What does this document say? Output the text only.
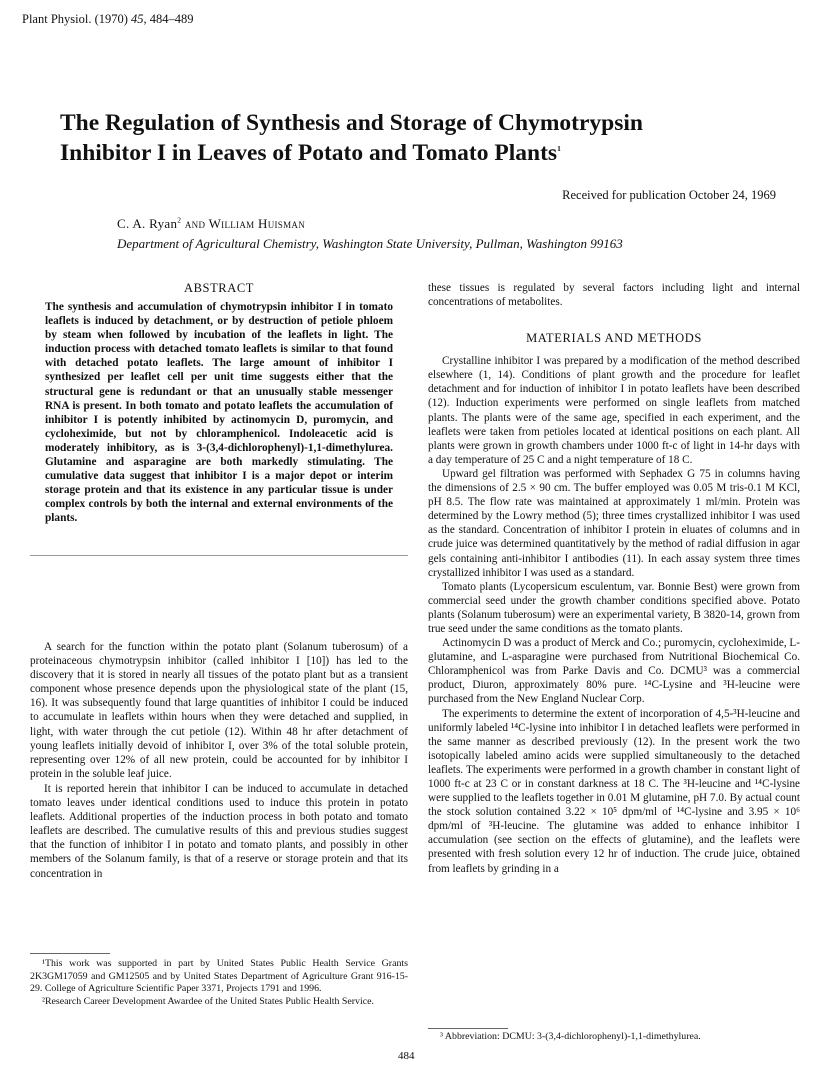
Plant Physiol. (1970) 45, 484–489
The Regulation of Synthesis and Storage of Chymotrypsin
Inhibitor I in Leaves of Potato and Tomato Plants$^1$
Received for publication October 24, 1969
C. A. Ryan$^2$ and William Huisman
Department of Agricultural Chemistry, Washington State University, Pullman, Washington 99163
ABSTRACT
The synthesis and accumulation of chymotrypsin inhibitor I in tomato leaflets is induced by detachment, or by destruction of petiole phloem by steam when followed by incubation of the leaflets in light. The induction process with detached tomato leaflets is similar to that found with detached potato leaflets. The large amount of inhibitor I synthesized per leaflet cell per unit time suggests either that the structural gene is redundant or that an unusually stable messenger RNA is present. In both tomato and potato leaflets the accumulation of inhibitor I is potently inhibited by actinomycin D, puromycin, and cycloheximide, but not by chloramphenicol. Indoleacetic acid is moderately inhibitory, as is 3-(3,4-dichlorophenyl)-1,1-dimethylurea. Glutamine and asparagine are both markedly stimulating. The cumulative data suggest that inhibitor I is a major depot or interim storage protein and that its existence in any particular tissue is under complex controls by both the internal and external environments of the plants.

A search for the function within the potato plant (Solanum tuberosum) of a proteinaceous chymotrypsin inhibitor (called inhibitor I [10]) has led to the discovery that it is stored in nearly all tissues of the potato plant but as a transient component whose presence depends upon the physiological state of the plant (15, 16). It was subsequently found that large quantities of inhibitor I could be induced to accumulate in leaflets within hours when they were detached and supplied, in light, with water through the cut petiole (12). Within 48 hr after detachment of young leaflets initially devoid of inhibitor I, over 3% of the total soluble protein, representing over 12% of all new protein, could be accounted for by inhibitor I protein in the soluble leaf juice.

It is reported herein that inhibitor I can be induced to accumulate in detached tomato leaves under identical conditions used to induce this protein in potato leaflets. Additional properties of the induction process in both potato and tomato leaflets are described. The cumulative results of this and previous studies suggest that the function of inhibitor I in potato and tomato plants, and possibly in other members of the Solanum family, is that of a reserve or storage protein and that its concentration in

¹This work was supported in part by United States Public Health Service Grants 2K3GM17059 and GM12505 and by United States Department of Agriculture Grant 916-15-29. College of Agriculture Scientific Paper 3371, Projects 1791 and 1996.

²Research Career Development Awardee of the United States Public Health Service.

these tissues is regulated by several factors including light and internal concentrations of metabolites.

MATERIALS AND METHODS

Crystalline inhibitor I was prepared by a modification of the method described elsewhere (1, 14). Conditions of plant growth and the procedure for leaflet detachment and for induction of inhibitor I in potato leaflets have been described (12). Induction experiments were performed on single leaflets from matched plants. The plants were of the same age, specified in each experiment, and the leaflets were taken from petioles located at identical positions on each plant. All plants were grown in growth chambers under 1000 ft-c of light in 14-hr days with a day temperature of 25 C and a night temperature of 18 C.

Upward gel filtration was performed with Sephadex G 75 in columns having the dimensions of 2.5 × 90 cm. The buffer employed was 0.05 M tris-0.1 M KCl, pH 8.5. The flow rate was maintained at approximately 1 ml/min. Protein was determined by the Lowry method (5); three times crystallized inhibitor I was used as the standard. Concentration of inhibitor I protein in eluates of columns and in crude juice was determined quantitatively by the method of radial diffusion in agar gels containing anti-inhibitor I antibodies (11). In each assay system three times crystallized inhibitor I was used as a standard.

Tomato plants (Lycopersicum esculentum, var. Bonnie Best) were grown from commercial seed under the growth chamber conditions specified above. Potato plants (Solanum tuberosum) were an experimental variety, B 3820-14, grown from true seed under the same conditions as the tomato plants.

Actinomycin D was a product of Merck and Co.; puromycin, cycloheximide, L-glutamine, and L-asparagine were purchased from Nutritional Biochemical Co. Chloramphenicol was from Parke Davis and Co. DCMU³ was a commercial product, Diuron, approximately 80% pure. ¹⁴C-Lysine and ³H-leucine were purchased from the New England Nuclear Corp.

The experiments to determine the extent of incorporation of 4,5-³H-leucine and uniformly labeled ¹⁴C-lysine into inhibitor I in detached leaflets were performed in the same manner as described previously (12). In the present work the two isotopically labeled amino acids were supplied simultaneously to the detached leaflets. The experiments were performed in a growth chamber in constant light of 1000 ft-c at 23 C or in constant darkness at 18 C. The ³H-leucine and ¹⁴C-lysine were supplied to the leaflets together in 0.01 M glutamine, pH 7.0. By actual count the stock solution contained 3.22 × 10⁵ dpm/ml of ¹⁴C-lysine and 3.95 × 10⁶ dpm/ml of ³H-leucine. The glutamine was added to enhance inhibitor I accumulation (see section on the effects of glutamine), and the leaflets were presented with fresh solution every 12 hr of induction. The crude juice, obtained from leaflets by grinding in a

³ Abbreviation: DCMU: 3-(3,4-dichlorophenyl)-1,1-dimethylurea.
484
